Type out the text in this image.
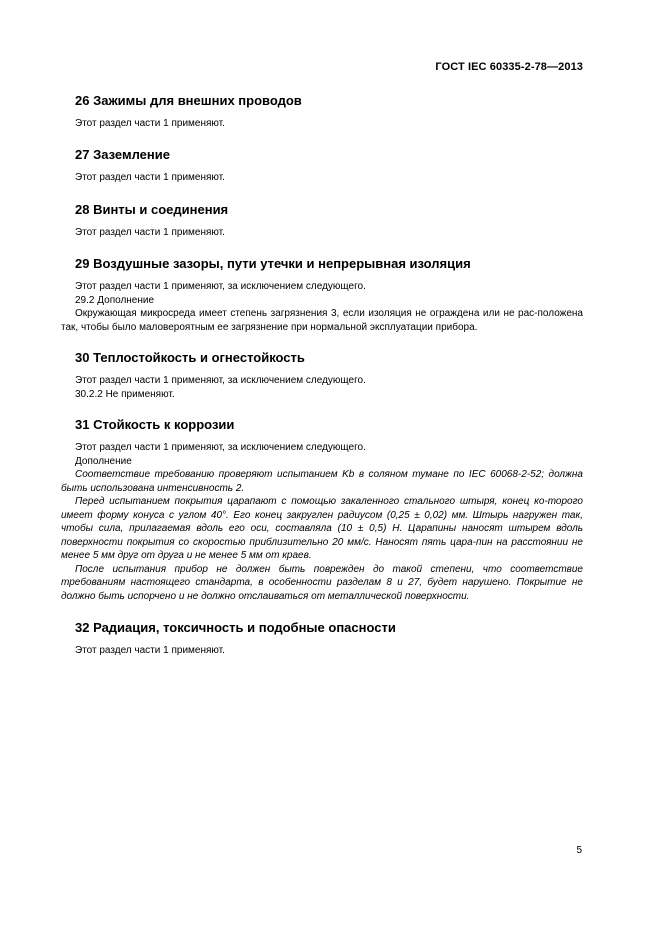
ГОСТ IEC 60335-2-78—2013
26 Зажимы для внешних проводов

Этот раздел части 1 применяют.

27 Заземление

Этот раздел части 1 применяют.

28 Винты и соединения

Этот раздел части 1 применяют.

29 Воздушные зазоры, пути утечки и непрерывная изоляция

Этот раздел части 1 применяют, за исключением следующего.

29.2 Дополнение

Окружающая микросреда имеет степень загрязнения 3, если изоляция не ограждена или не рас-положена так, чтобы было маловероятным ее загрязнение при нормальной эксплуатации прибора.

30 Теплостойкость и огнестойкость

Этот раздел части 1 применяют, за исключением следующего.

30.2.2 Не применяют.

31 Стойкость к коррозии

Этот раздел части 1 применяют, за исключением следующего.

Дополнение

Соответствие требованию проверяют испытанием Kb в соляном тумане по IEC 60068-2-52; должна быть использована интенсивность 2.

Перед испытанием покрытия царапают с помощью закаленного стального штыря, конец ко-торого имеет форму конуса с углом 40°. Его конец закруглен радиусом (0,25 ± 0,02) мм. Штырь нагружен так, чтобы сила, прилагаемая вдоль его оси, составляла (10 ± 0,5) Н. Царапины наносят штырем вдоль поверхности покрытия со скоростью приблизительно 20 мм/с. Наносят пять цара-пин на расстоянии не менее 5 мм друг от друга и не менее 5 мм от краев.

После испытания прибор не должен быть поврежден до такой степени, что соответствие требованиям настоящего стандарта, в особенности разделам 8 и 27, будет нарушено. Покрытие не должно быть испорчено и не должно отслаиваться от металлической поверхности.

32 Радиация, токсичность и подобные опасности

Этот раздел части 1 применяют.

5
